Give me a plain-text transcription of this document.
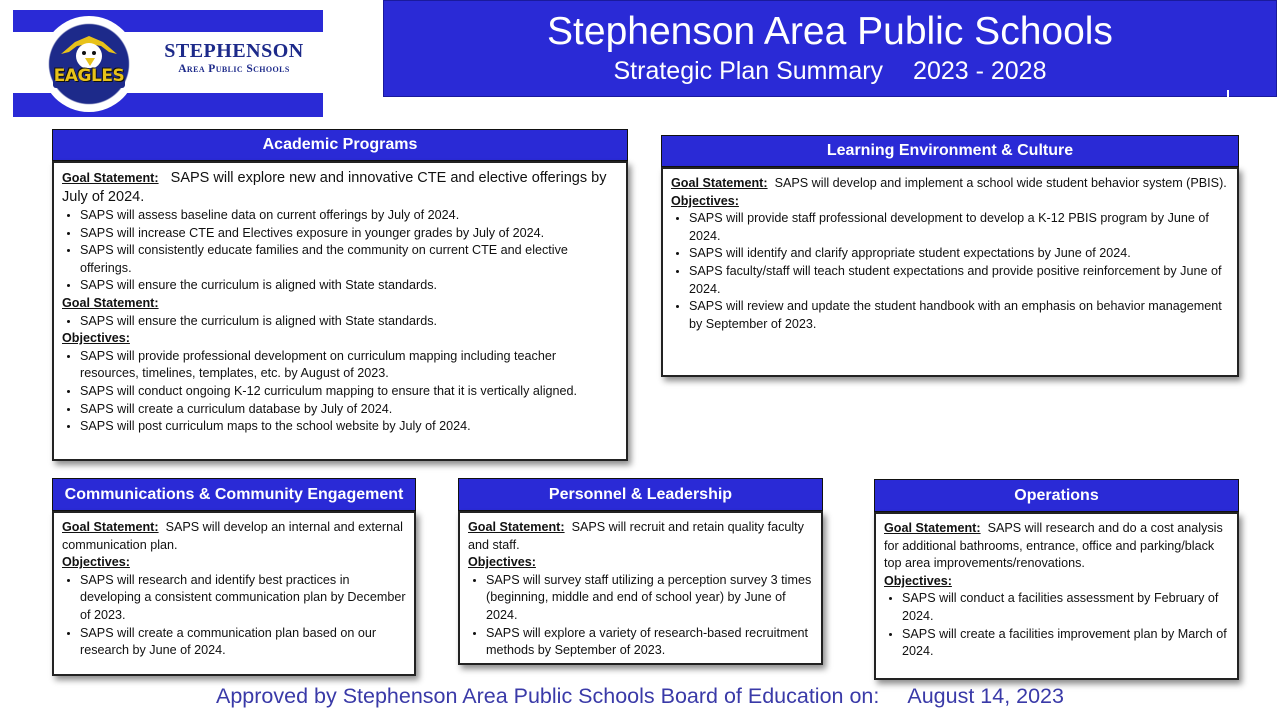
EAGLES
STEPHENSON
Area Public Schools
Stephenson Area Public Schools
Strategic Plan Summary 2023 - 2028
Academic Programs
Goal Statement: SAPS will explore new and innovative CTE and elective offerings by July of 2024.
• SAPS will assess baseline data on current offerings by July of 2024.
• SAPS will increase CTE and Electives exposure in younger grades by July of 2024.
• SAPS will consistently educate families and the community on current CTE and elective offerings.
• SAPS will ensure the curriculum is aligned with State standards.
Goal Statement:
• SAPS will ensure the curriculum is aligned with State standards.
Objectives:
• SAPS will provide professional development on curriculum mapping including teacher resources, timelines, templates, etc. by August of 2023.
• SAPS will conduct ongoing K-12 curriculum mapping to ensure that it is vertically aligned.
• SAPS will create a curriculum database by July of 2024.
• SAPS will post curriculum maps to the school website by July of 2024.
Learning Environment & Culture
Goal Statement: SAPS will develop and implement a school wide student behavior system (PBIS).
Objectives:
• SAPS will provide staff professional development to develop a K-12 PBIS program by June of 2024.
• SAPS will identify and clarify appropriate student expectations by June of 2024.
• SAPS faculty/staff will teach student expectations and provide positive reinforcement by June of 2024.
• SAPS will review and update the student handbook with an emphasis on behavior management by September of 2023.
Communications & Community Engagement
Goal Statement: SAPS will develop an internal and external communication plan.
Objectives:
• SAPS will research and identify best practices in developing a consistent communication plan by December of 2023.
• SAPS will create a communication plan based on our research by June of 2024.
Personnel & Leadership
Goal Statement: SAPS will recruit and retain quality faculty and staff.
Objectives:
• SAPS will survey staff utilizing a perception survey 3 times (beginning, middle and end of school year) by June of 2024.
• SAPS will explore a variety of research-based recruitment methods by September of 2023.
Operations
Goal Statement: SAPS will research and do a cost analysis for additional bathrooms, entrance, office and parking/black top area improvements/renovations.
Objectives:
• SAPS will conduct a facilities assessment by February of 2024.
• SAPS will create a facilities improvement plan by March of 2024.
Approved by Stephenson Area Public Schools Board of Education on: August 14, 2023
